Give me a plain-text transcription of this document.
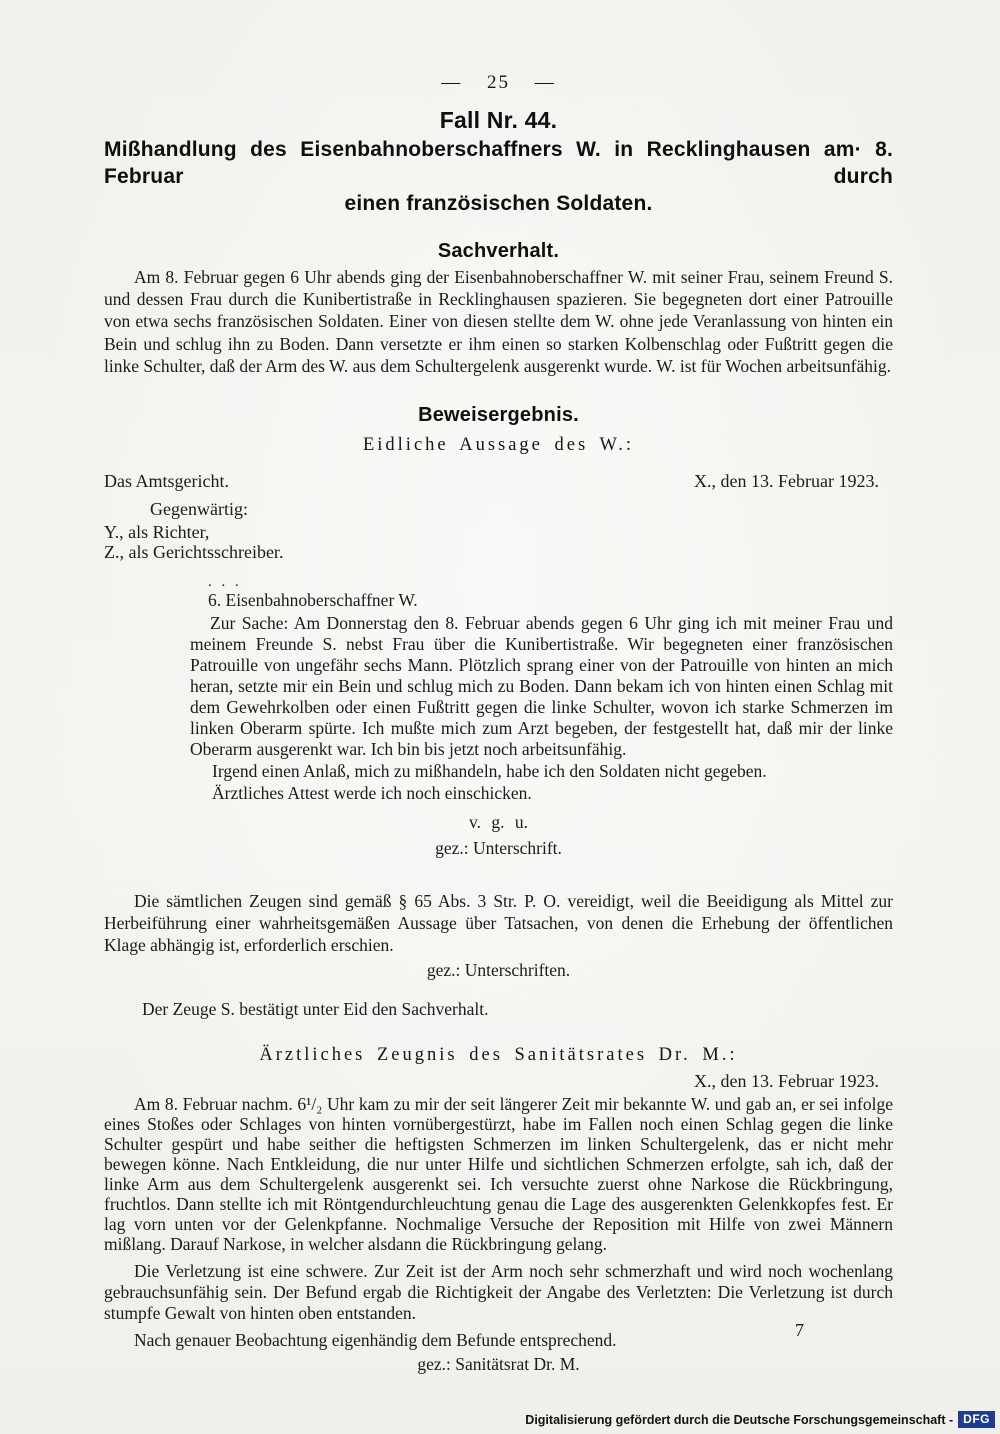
— 25 —
Fall Nr. 44.
Mißhandlung des Eisenbahnoberschaffners W. in Recklinghausen am· 8. Februar durch
einen französischen Soldaten.
Sachverhalt.
Am 8. Februar gegen 6 Uhr abends ging der Eisenbahnoberschaffner W. mit seiner Frau, seinem Freund S. und dessen Frau durch die Kunibertistraße in Recklinghausen spazieren. Sie begegneten dort einer Patrouille von etwa sechs französischen Soldaten. Einer von diesen stellte dem W. ohne jede Veranlassung von hinten ein Bein und schlug ihn zu Boden. Dann versetzte er ihm einen so starken Kolbenschlag oder Fußtritt gegen die linke Schulter, daß der Arm des W. aus dem Schultergelenk ausgerenkt wurde. W. ist für Wochen arbeitsunfähig.
Beweisergebnis.
Eidliche Aussage des W.:
Das Amtsgericht.	X., den 13. Februar 1923.
Gegenwärtig:
Y., als Richter,
Z., als Gerichtsschreiber.
. . .
6. Eisenbahnoberschaffner W.
Zur Sache: Am Donnerstag den 8. Februar abends gegen 6 Uhr ging ich mit meiner Frau und meinem Freunde S. nebst Frau über die Kunibertistraße. Wir begegneten einer französischen Patrouille von ungefähr sechs Mann. Plötzlich sprang einer von der Patrouille von hinten an mich heran, setzte mir ein Bein und schlug mich zu Boden. Dann bekam ich von hinten einen Schlag mit dem Gewehrkolben oder einen Fußtritt gegen die linke Schulter, wovon ich starke Schmerzen im linken Oberarm spürte. Ich mußte mich zum Arzt begeben, der festgestellt hat, daß mir der linke Oberarm ausgerenkt war. Ich bin bis jetzt noch arbeitsunfähig.
Irgend einen Anlaß, mich zu mißhandeln, habe ich den Soldaten nicht gegeben.
Ärztliches Attest werde ich noch einschicken.
v. g. u.
gez.: Unterschrift.
Die sämtlichen Zeugen sind gemäß § 65 Abs. 3 Str. P. O. vereidigt, weil die Beeidigung als Mittel zur Herbeiführung einer wahrheitsgemäßen Aussage über Tatsachen, von denen die Erhebung der öffentlichen Klage abhängig ist, erforderlich erschien.
gez.: Unterschriften.
Der Zeuge S. bestätigt unter Eid den Sachverhalt.
Ärztliches Zeugnis des Sanitätsrates Dr. M.:
X., den 13. Februar 1923.
Am 8. Februar nachm. 6¹/₂ Uhr kam zu mir der seit längerer Zeit mir bekannte W. und gab an, er sei infolge eines Stoßes oder Schlages von hinten vornübergestürzt, habe im Fallen noch einen Schlag gegen die linke Schulter gespürt und habe seither die heftigsten Schmerzen im linken Schultergelenk, das er nicht mehr bewegen könne. Nach Entkleidung, die nur unter Hilfe und sichtlichen Schmerzen erfolgte, sah ich, daß der linke Arm aus dem Schultergelenk ausgerenkt sei. Ich versuchte zuerst ohne Narkose die Rückbringung, fruchtlos. Dann stellte ich mit Röntgendurchleuchtung genau die Lage des ausgerenkten Gelenkkopfes fest. Er lag vorn unten vor der Gelenkpfanne. Nochmalige Versuche der Reposition mit Hilfe von zwei Männern mißlang. Darauf Narkose, in welcher alsdann die Rückbringung gelang.
Die Verletzung ist eine schwere. Zur Zeit ist der Arm noch sehr schmerzhaft und wird noch wochenlang gebrauchsunfähig sein. Der Befund ergab die Richtigkeit der Angabe des Verletzten: Die Verletzung ist durch stumpfe Gewalt von hinten oben entstanden.
Nach genauer Beobachtung eigenhändig dem Befunde entsprechend.
gez.: Sanitätsrat Dr. M.
7
Digitalisierung gefördert durch die Deutsche Forschungsgemeinschaft - DFG
